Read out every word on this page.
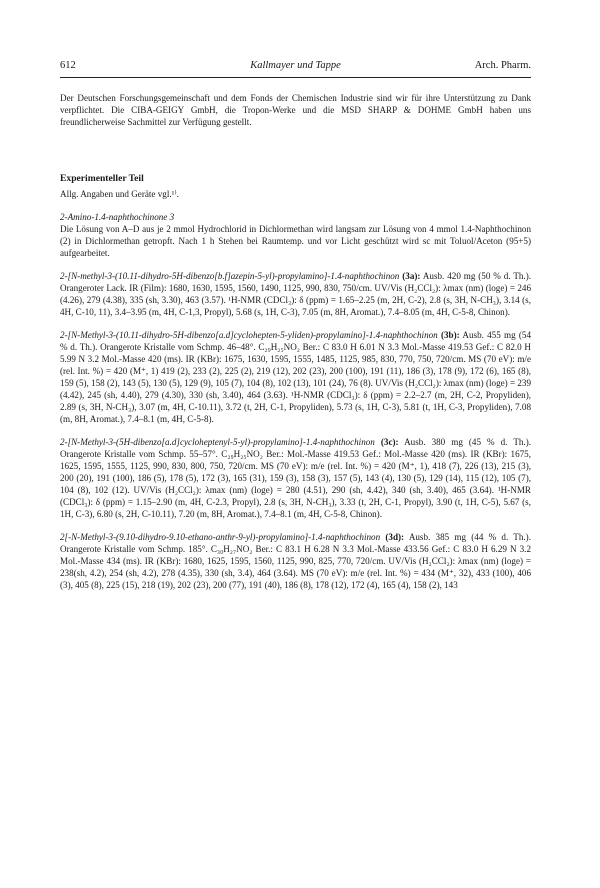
612	Kallmayer und Tappe	Arch. Pharm.

Der Deutschen Forschungsgemeinschaft und dem Fonds der Chemischen Industrie sind wir für ihre Unterstützung zu Dank verpflichtet. Die CIBA-GEIGY GmbH, die Tropon-Werke und die MSD SHARP & DOHME GmbH haben uns freundlicherweise Sachmittel zur Verfügung gestellt.

Experimenteller Teil

Allg. Angaben und Geräte vgl.¹⁾.

2-Amino-1.4-naphthochinone 3

Die Lösung von A–D aus je 2 mmol Hydrochlorid in Dichlormethan wird langsam zur Lösung von 4 mmol 1.4-Naphthochinon (2) in Dichlormethan getropft. Nach 1 h Stehen bei Raumtemp. und vor Licht geschützt wird sc mit Toluol/Aceton (95+5) aufgearbeitet.

2-[N-methyl-3-(10.11-dihydro-5H-dibenzo[b.f]azepin-5-yl)-propylamino]-1.4-naphthochinon (3a): Ausb. 420 mg (50 % d. Th.). Orangeroter Lack. IR (Film): 1680, 1630, 1595, 1560, 1490, 1125, 990, 830, 750/cm. UV/Vis (H₂CCl₂): λmax (nm) (loge) = 246 (4.26), 279 (4.38), 335 (sh, 3.30), 463 (3.57). ¹H-NMR (CDCl₃): δ (ppm) = 1.65–2.25 (m, 2H, C-2), 2.8 (s, 3H, N-CH₃), 3.14 (s, 4H, C-10, 11), 3.4–3.95 (m, 4H, C-1,3, Propyl), 5.68 (s, 1H, C-3), 7.05 (m, 8H, Aromat.), 7.4–8.05 (m, 4H, C-5-8, Chinon).

2-[N-Methyl-3-(10.11-dihydro-5H-dibenzo[a.d]cyclohepten-5-yliden)-propylamino]-1.4-naphthochinon (3b): Ausb. 455 mg (54 % d. Th.). Orangerote Kristalle vom Schmp. 46–48°. C₂₉H₂₅NO₂ Ber.: C 83.0 H 6.01 N 3.3 Mol.-Masse 419.53 Gef.: C 82.0 H 5.99 N 3.2 Mol.-Masse 420 (ms). IR (KBr): 1675, 1630, 1595, 1555, 1485, 1125, 985, 830, 770, 750, 720/cm. MS (70 eV): m/e (rel. Int. %) = 420 (M⁺, 1) 419 (2), 233 (2), 225 (2), 219 (12), 202 (23), 200 (100), 191 (11), 186 (3), 178 (9), 172 (6), 165 (8), 159 (5), 158 (2), 143 (5), 130 (5), 129 (9), 105 (7), 104 (8), 102 (13), 101 (24), 76 (8). UV/Vis (H₂CCl₂): λmax (nm) (loge) = 239 (4.42), 245 (sh, 4.40), 279 (4.30), 330 (sh, 3.40), 464 (3.63). ¹H-NMR (CDCl₃): δ (ppm) = 2.2–2.7 (m, 2H, C-2, Propyliden), 2.89 (s, 3H, N-CH₃), 3.07 (m, 4H, C-10.11), 3.72 (t, 2H, C-1, Propyliden), 5.73 (s, 1H, C-3), 5.81 (t, 1H, C-3, Propyliden), 7.08 (m, 8H, Aromat.), 7.4–8.1 (m, 4H, C-5-8).

2-[N-Methyl-3-(5H-dibenzo[a.d]cycloheptenyl-5-yl)-propylamino]-1.4-naphthochinon (3c): Ausb. 380 mg (45 % d. Th.). Orangerote Kristalle vom Schmp. 55–57°. C₂₉H₂₅NO₂ Ber.: Mol.-Masse 419.53 Gef.: Mol.-Masse 420 (ms). IR (KBr): 1675, 1625, 1595, 1555, 1125, 990, 830, 800, 750, 720/cm. MS (70 eV): m/e (rel. Int. %) = 420 (M⁺, 1), 418 (7), 226 (13), 215 (3), 200 (20), 191 (100), 186 (5), 178 (5), 172 (3), 165 (31), 159 (3), 158 (3), 157 (5), 143 (4), 130 (5), 129 (14), 115 (12), 105 (7), 104 (8), 102 (12). UV/Vis (H₂CCl₂): λmax (nm) (loge) = 280 (4.51), 290 (sh, 4.42), 340 (sh, 3.40), 465 (3.64). ¹H-NMR (CDCl₃): δ (ppm) = 1.15–2.90 (m, 4H, C-2.3, Propyl), 2.8 (s, 3H, N-CH₃), 3.33 (t, 2H, C-1, Propyl), 3.90 (t, 1H, C-5), 5.67 (s, 1H, C-3), 6.80 (s, 2H, C-10.11), 7.20 (m, 8H, Aromat.), 7.4–8.1 (m, 4H, C-5-8, Chinon).

2[-N-Methyl-3-(9.10-dihydro-9.10-ethano-anthr-9-yl)-propylamino]-1.4-naphthochinon (3d): Ausb. 385 mg (44 % d. Th.). Orangerote Kristalle vom Schmp. 185°. C₃₀H₂₇NO₂ Ber.: C 83.1 H 6.28 N 3.3 Mol.-Masse 433.56 Gef.: C 83.0 H 6.29 N 3.2 Mol.-Masse 434 (ms). IR (KBr): 1680, 1625, 1595, 1560, 1125, 990, 825, 770, 720/cm. UV/Vis (H₂CCl₂): λmax (nm) (loge) = 238(sh, 4.2), 254 (sh, 4.2), 278 (4.35), 330 (sh, 3.4), 464 (3.64). MS (70 eV): m/e (rel. Int. %) = 434 (M⁺, 32), 433 (100), 406 (3), 405 (8), 225 (15), 218 (19), 202 (23), 200 (77), 191 (40), 186 (8), 178 (12), 172 (4), 165 (4), 158 (2), 143
